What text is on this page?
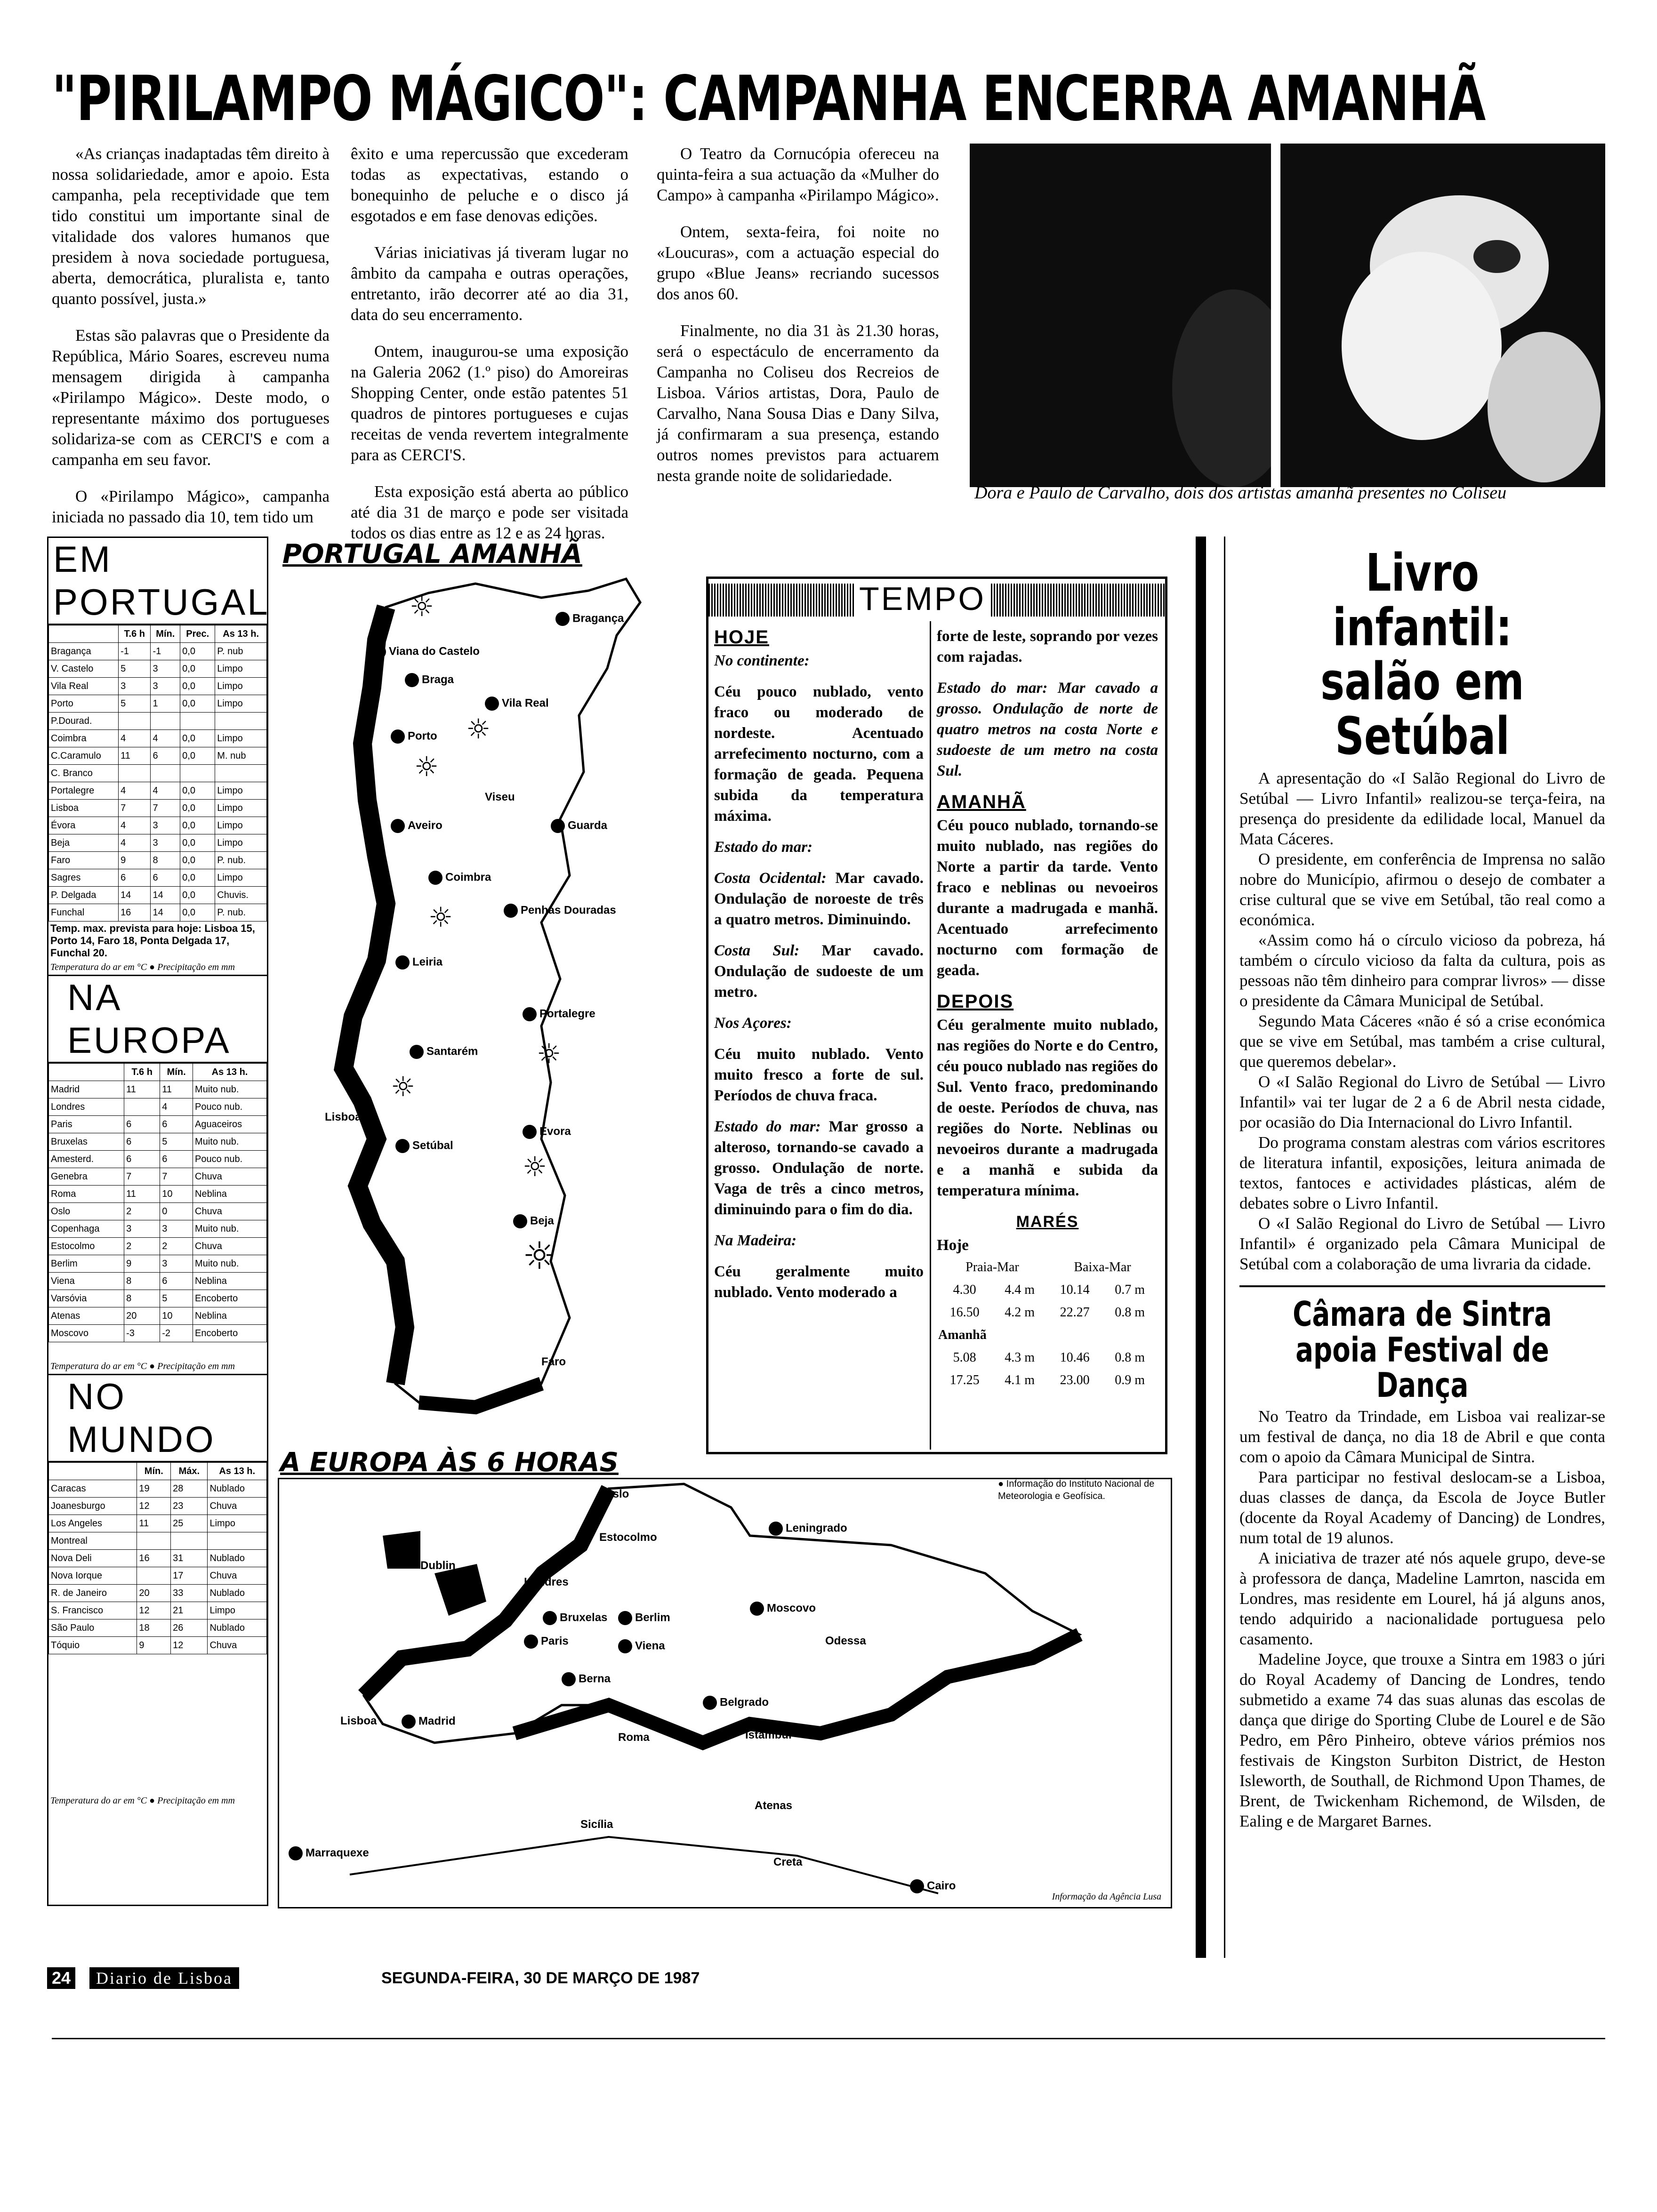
"PIRILAMPO MÁGICO": CAMPANHA ENCERRA AMANHÃ

«As crianças inadaptadas têm direito à nossa solidariedade, amor e apoio. Esta campanha, pela receptividade que tem tido constitui um importante sinal de vitalidade dos valores humanos que presidem à nova sociedade portuguesa, aberta, democrática, pluralista e, tanto quanto possível, justa.»

Estas são palavras que o Presidente da República, Mário Soares, escreveu numa mensagem dirigida à campanha «Pirilampo Mágico». Deste modo, o representante máximo dos portugueses solidariza-se com as CERCI'S e com a campanha em seu favor.

O «Pirilampo Mágico», campanha iniciada no passado dia 10, tem tido um

êxito e uma repercussão que excederam todas as expectativas, estando o bonequinho de peluche e o disco já esgotados e em fase denovas edições.

Várias iniciativas já tiveram lugar no âmbito da campaha e outras operações, entretanto, irão decorrer até ao dia 31, data do seu encerramento.

Ontem, inaugurou-se uma exposição na Galeria 2062 (1.º piso) do Amoreiras Shopping Center, onde estão patentes 51 quadros de pintores portugueses e cujas receitas de venda revertem integralmente para as CERCI'S.

Esta exposição está aberta ao público até dia 31 de março e pode ser visitada todos os dias entre as 12 e as 24 horas.

O Teatro da Cornucópia ofereceu na quinta-feira a sua actuação da «Mulher do Campo» à campanha «Pirilampo Mágico».

Ontem, sexta-feira, foi noite no «Loucuras», com a actuação especial do grupo «Blue Jeans» recriando sucessos dos anos 60.

Finalmente, no dia 31 às 21.30 horas, será o espectáculo de encerramento da Campanha no Coliseu dos Recreios de Lisboa. Vários artistas, Dora, Paulo de Carvalho, Nana Sousa Dias e Dany Silva, já confirmaram a sua presença, estando outros nomes previstos para actuarem nesta grande noite de solidariedade.

Dora e Paulo de Carvalho, dois dos artistas amanhã presentes no Coliseu
EM PORTUGAL
	T.6 h	Mín.	Prec.	As 13 h.
Bragança	-1	-1	0,0	P. nub
V. Castelo	5	3	0,0	Limpo
Vila Real	3	3	0,0	Limpo
Porto	5	1	0,0	Limpo
P.Dourad.				
Coimbra	4	4	0,0	Limpo
C.Caramulo	11	6	0,0	M. nub
C. Branco				
Portalegre	4	4	0,0	Limpo
Lisboa	7	7	0,0	Limpo
Évora	4	3	0,0	Limpo
Beja	4	3	0,0	Limpo
Faro	9	8	0,0	P. nub.
Sagres	6	6	0,0	Limpo
P. Delgada	14	14	0,0	Chuvis.
Funchal	16	14	0,0	P. nub.
Temp. max. prevista para hoje: Lisboa 15, Porto 14, Faro 18, Ponta Delgada 17, Funchal 20.
Temperatura do ar em °C ● Precipitação em mm
NA EUROPA
	T.6 h	Mín.	As 13 h.
Madrid	11	11	Muito nub.
Londres		4	Pouco nub.
Paris	6	6	Aguaceiros
Bruxelas	6	5	Muito nub.
Amesterd.	6	6	Pouco nub.
Genebra	7	7	Chuva
Roma	11	10	Neblina
Oslo	2	0	Chuva
Copenhaga	3	3	Muito nub.
Estocolmo	2	2	Chuva
Berlim	9	3	Muito nub.
Viena	8	6	Neblina
Varsóvia	8	5	Encoberto
Atenas	20	10	Neblina
Moscovo	-3	-2	Encoberto
Temperatura do ar em °C ● Precipitação em mm
NO MUNDO
	Mín.	Máx.	As 13 h.
Caracas	19	28	Nublado
Joanesburgo	12	23	Chuva
Los Angeles	11	25	Limpo
Montreal			
Nova Deli	16	31	Nublado
Nova Iorque		17	Chuva
R. de Janeiro	20	33	Nublado
S. Francisco	12	21	Limpo
São Paulo	18	26	Nublado
Tóquio	9	12	Chuva
Temperatura do ar em °C ● Precipitação em mm
PORTUGAL AMANHÃ
Bragança
Viana do Castelo
Braga
Vila Real
Porto
Viseu
Aveiro	Guarda
Coimbra
Penhas Douradas
Leiria
Portalegre
Santarém
Lisboa
Setúbal
Évora
Beja
Faro
☼
☼
☼
☼
☼
☼
☼
☼
TEMPO
HOJE

No continente:

Céu pouco nublado, vento fraco ou moderado de nordeste. Acentuado arrefecimento nocturno, com a formação de geada. Pequena subida da temperatura máxima.

Estado do mar:

Costa Ocidental: Mar cavado. Ondulação de noroeste de três a quatro metros. Diminuindo.

Costa Sul: Mar cavado. Ondulação de sudoeste de um metro.

Nos Açores:

Céu muito nublado. Vento muito fresco a forte de sul. Períodos de chuva fraca.

Estado do mar: Mar grosso a alteroso, tornando-se cavado a grosso. Ondulação de norte. Vaga de três a cinco metros, diminuindo para o fim do dia.

Na Madeira:

Céu geralmente muito nublado. Vento moderado a

forte de leste, soprando por vezes com rajadas.

Estado do mar: Mar cavado a grosso. Ondulação de norte de quatro metros na costa Norte e sudoeste de um metro na costa Sul.

AMANHÃ

Céu pouco nublado, tornando-se muito nublado, nas regiões do Norte a partir da tarde. Vento fraco e neblinas ou nevoeiros durante a madrugada e manhã. Acentuado arrefecimento nocturno com formação de geada.

DEPOIS

Céu geralmente muito nublado, nas regiões do Norte e do Centro, céu pouco nublado nas regiões do Sul. Vento fraco, predominando de oeste. Períodos de chuva, nas regiões do Norte. Neblinas ou nevoeiros durante a madrugada e a manhã e subida da temperatura mínima.

MARÉS
Hoje
Praia-Mar		Baixa-Mar	
4.30	4.4 m	10.14	0.7 m
16.50	4.2 m	22.27	0.8 m
Amanhã			
5.08	4.3 m	10.46	0.8 m
17.25	4.1 m	23.00	0.9 m
● Informação do Instituto Nacional de Meteorologia e Geofísica.
A EUROPA ÀS 6 HORAS
Oslo
Estocolmo
Leningrado
Dublin
Londres
Moscovo
Bruxelas	Berlim
Paris	Viena	Odessa
Berna
Belgrado
Lisboa	Madrid
Roma	Istambul
Atenas
Sicília
Marraquexe
Creta
Cairo
Informação da Agência Lusa
Livro infantil: salão em Setúbal

A apresentação do «I Salão Regional do Livro de Setúbal — Livro Infantil» realizou-se terça-feira, na presença do presidente da edilidade local, Manuel da Mata Cáceres.

O presidente, em conferência de Imprensa no salão nobre do Município, afirmou o desejo de combater a crise cultural que se vive em Setúbal, tão real como a económica.

«Assim como há o círculo vicioso da pobreza, há também o círculo vicioso da falta da cultura, pois as pessoas não têm dinheiro para comprar livros» — disse o presidente da Câmara Municipal de Setúbal.

Segundo Mata Cáceres «não é só a crise económica que se vive em Setúbal, mas também a crise cultural, que queremos debelar».

O «I Salão Regional do Livro de Setúbal — Livro Infantil» vai ter lugar de 2 a 6 de Abril nesta cidade, por ocasião do Dia Internacional do Livro Infantil.

Do programa constam alestras com vários escritores de literatura infantil, exposições, leitura animada de textos, fantoces e actividades plásticas, além de debates sobre o Livro Infantil.

O «I Salão Regional do Livro de Setúbal — Livro Infantil» é organizado pela Câmara Municipal de Setúbal com a colaboração de uma livraria da cidade.

Câmara de Sintra apoia Festival de Dança

No Teatro da Trindade, em Lisboa vai realizar-se um festival de dança, no dia 18 de Abril e que conta com o apoio da Câmara Municipal de Sintra.

Para participar no festival deslocam-se a Lisboa, duas classes de dança, da Escola de Joyce Butler (docente da Royal Academy of Dancing) de Londres, num total de 19 alunos.

A iniciativa de trazer até nós aquele grupo, deve-se à professora de dança, Madeline Lamrton, nascida em Londres, mas residente em Lourel, há já alguns anos, tendo adquirido a nacionalidade portuguesa pelo casamento.

Madeline Joyce, que trouxe a Sintra em 1983 o júri do Royal Academy of Dancing de Londres, tendo submetido a exame 74 das suas alunas das escolas de dança que dirige do Sporting Clube de Lourel e de São Pedro, em Pêro Pinheiro, obteve vários prémios nos festivais de Kingston Surbiton District, de Heston Isleworth, de Southall, de Richmond Upon Thames, de Brent, de Twickenham Richemond, de Wilsden, de Ealing e de Margaret Barnes.

24	Diario de Lisboa	SEGUNDA-FEIRA, 30 DE MARÇO DE 1987
